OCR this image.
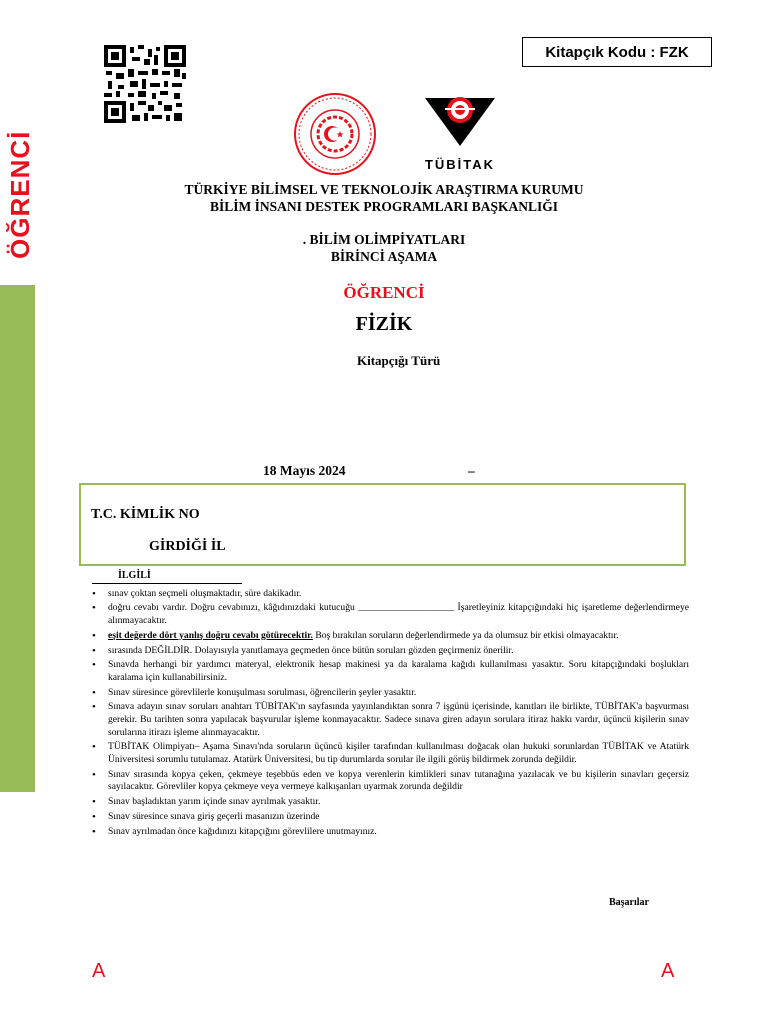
ÖĞRENCİ
Kitapçık Kodu : FZK
TÜBİTAK
TÜRKİYE BİLİMSEL VE TEKNOLOJİK ARAŞTIRMA KURUMU
BİLİM İNSANI DESTEK PROGRAMLARI BAŞKANLIĞI
. BİLİM OLİMPİYATLARI
BİRİNCİ AŞAMA
ÖĞRENCİ
FİZİK
Kitapçığı Türü
18 Mayıs 2024	–
T.C. KİMLİK NO
GİRDİĞİ İL
İLGİLİ
• sınav çoktan seçmeli oluşmaktadır, süre dakikadır.
• doğru cevabı vardır. Doğru cevabınızı, kâğıdınızdaki kutucuğu ____________________ İşaretleyiniz kitapçığındaki hiç işaretleme değerlendirmeye alınmayacaktır.
• eşit değerde dört yanlış doğru cevabı götürecektir. Boş bırakılan soruların değerlendirmede ya da olumsuz bir etkisi olmayacaktır.
• sırasında DEĞİLDİR. Dolayısıyla yanıtlamaya geçmeden önce bütün soruları gözden geçirmeniz önerilir.
• Sınavda herhangi bir yardımcı materyal, elektronik hesap makinesi ya da karalama kağıdı kullanılması yasaktır. Soru kitapçığındaki boşlukları karalama için kullanabilirsiniz.
• Sınav süresince görevlilerle konuşulması sorulması, öğrencilerin şeyler yasaktır.
• Sınava adayın sınav soruları anahtarı TÜBİTAK'ın sayfasında yayınlandıktan sonra 7 işgünü içerisinde, kanıtları ile birlikte, TÜBİTAK'a başvurması gerekir. Bu tarihten sonra yapılacak başvurular işleme konmayacaktır. Sadece sınava giren adayın sorulara itiraz hakkı vardır, üçüncü kişilerin sınav sorularına itirazı işleme alınmayacaktır.
• TÜBİTAK Olimpiyatı– Aşama Sınavı'nda soruların üçüncü kişiler tarafından kullanılması doğacak olan hukuki sorunlardan TÜBİTAK ve Atatürk Üniversitesi sorumlu tutulamaz. Atatürk Üniversitesi, bu tip durumlarda sorular ile ilgili görüş bildirmek zorunda değildir.
• Sınav sırasında kopya çeken, çekmeye teşebbüs eden ve kopya verenlerin kimlikleri sınav tutanağına yazılacak ve bu kişilerin sınavları geçersiz sayılacaktır. Görevliler kopya çekmeye veya vermeye kalkışanları uyarmak zorunda değildir
• Sınav başladıktan yarım içinde sınav ayrılmak yasaktır.
• Sınav süresince sınava giriş geçerli masanızın üzerinde
• Sınav ayrılmadan önce kağıdınızı kitapçığını görevlilere unutmayınız.
Başarılar
A	A
